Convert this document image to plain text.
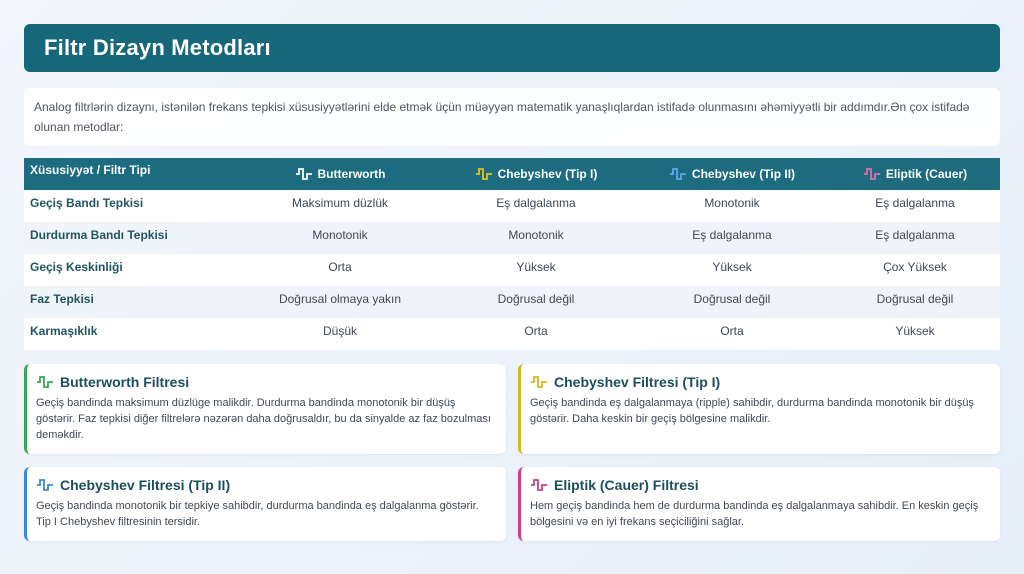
Filtr Dizayn Metodları

Analog filtrlərin dizaynı, istənilən frekans tepkisi xüsusiyyətlərini elde etmək üçün müəyyən matematik yanaşlıqlardan istifadə olunmasını əhəmiyyətli bir addımdır.Ən çox istifadə olunan metodlar:

Xüsusiyyət / Filtr Tipi	Butterworth	Chebyshev (Tip I)	Chebyshev (Tip II)	Eliptik (Cauer)

Geçiş Bandı Tepkisi	Maksimum düzlük	Eş dalgalanma	Monotonik	Eş dalgalanma
Durdurma Bandı Tepkisi	Monotonik	Monotonik	Eş dalgalanma	Eş dalgalanma
Geçiş Keskinliği	Orta	Yüksek	Yüksek	Çox Yüksek
Faz Tepkisi	Doğrusal olmaya yakın	Doğrusal değil	Doğrusal değil	Doğrusal değil
Karmaşıklık	Düşük	Orta	Orta	Yüksek
Butterworth Filtresi

Geçiş bandinda maksimum düzlüge malikdir. Durdurma bandinda monotonik bir düşüş göstərir. Faz tepkisi diğer filtrelərə nəzərən daha doğrusaldır, bu da sinyalde az faz bozulması deməkdir.

Chebyshev Filtresi (Tip I)

Geçiş bandinda eş dalgalanmaya (ripple) sahibdir, durdurma bandinda monotonik bir düşüş göstərir. Daha keskin bir geçiş bölgesine malikdir.

Chebyshev Filtresi (Tip II)

Geçiş bandinda monotonik bir tepkiye sahibdir, durdurma bandinda eş dalgalanma göstərir. Tip I Chebyshev filtresinin tersidir.

Eliptik (Cauer) Filtresi

Hem geçiş bandinda hem de durdurma bandinda eş dalgalanmaya sahibdir. En keskin geçiş bölgesini və en iyi frekans seçiciliğini sağlar.
